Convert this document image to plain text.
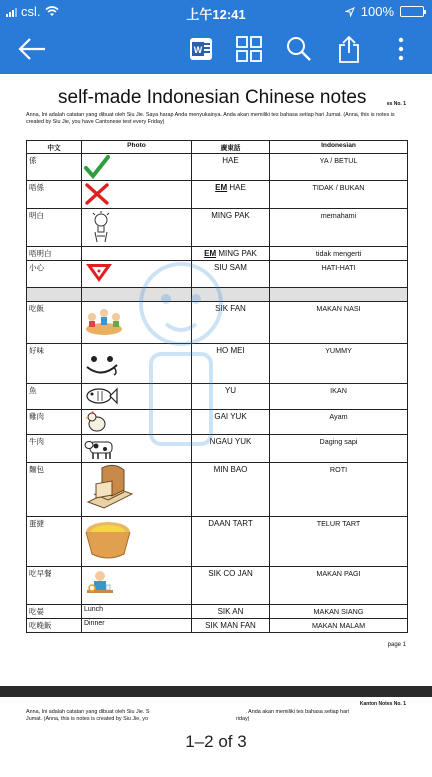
csl.	上午12:41	100%
W
self-made Indonesian Chinese notes	es No. 1
Anna, Ini adalah catatan yang dibuat oleh Siu Jie. Saya harap Anda menyukainya. Anda akan memiliki tes bahasa setiap hari Jumat. (Anna, this is notes is created by Siu Jie, you have Cantonese test every Friday)
中文	Photo	廣東話	Indonesian
係		HAE	YA / BETUL
唔係		EM HAE	TIDAK / BUKAN
明白		MING PAK	memahami
唔明白		EM MING PAK	tidak mengerti
小心		SIU SAM	HATI-HATI

吃飯		SIK FAN	MAKAN NASI
好味		HO MEI	YUMMY
魚		YU	IKAN
雞肉		GAI YUK	Ayam
牛肉		NGAU YUK	Daging sapi
麵包		MIN BAO	ROTI
蛋撻		DAAN TART	TELUR TART
吃早餐		SIK CO JAN	MAKAN PAGI
吃晏	Lunch	SIK AN	MAKAN SIANG
吃晚飯	Dinner	SIK MAN FAN	MAKAN MALAM
page 1
Kanton Notes No. 1
Anna, Ini adalah catatan yang dibuat oleh Siu Jie. S	. Anda akan memiliki tes bahasa setiap hari
Jumat. (Anna, this is notes is created by Siu Jie, yo	riday)
1–2 of 3
